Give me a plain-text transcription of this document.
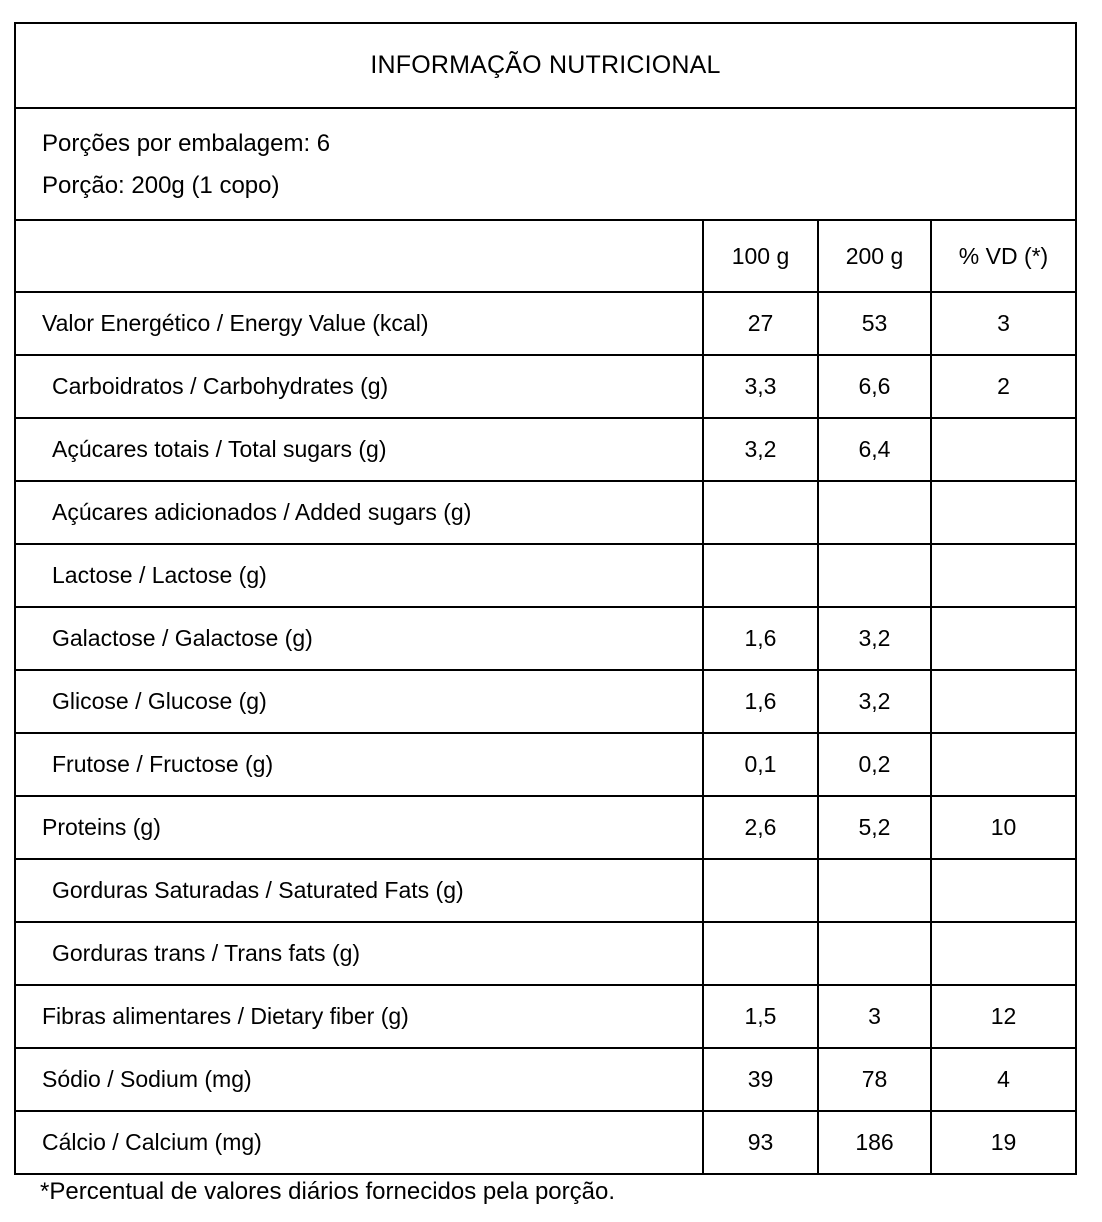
INFORMAÇÃO NUTRICIONAL			

Porções por embalagem: 6
Porção: 200g (1 copo)			

	100 g	200 g	% VD (*)
Valor Energético / Energy Value (kcal)	27	53	3
Carboidratos / Carbohydrates (g)	3,3	6,6	2
Açúcares totais / Total sugars (g)	3,2	6,4	
Açúcares adicionados / Added sugars (g)			
Lactose / Lactose (g)			
Galactose / Galactose (g)	1,6	3,2	
Glicose / Glucose (g)	1,6	3,2	
Frutose / Fructose (g)	0,1	0,2	
Proteins (g)	2,6	5,2	10
Gorduras Saturadas / Saturated Fats (g)			
Gorduras trans / Trans fats (g)			
Fibras alimentares / Dietary fiber (g)	1,5	3	12
Sódio / Sodium (mg)	39	78	4
Cálcio / Calcium (mg)	93	186	19
*Percentual de valores diários fornecidos pela porção.
